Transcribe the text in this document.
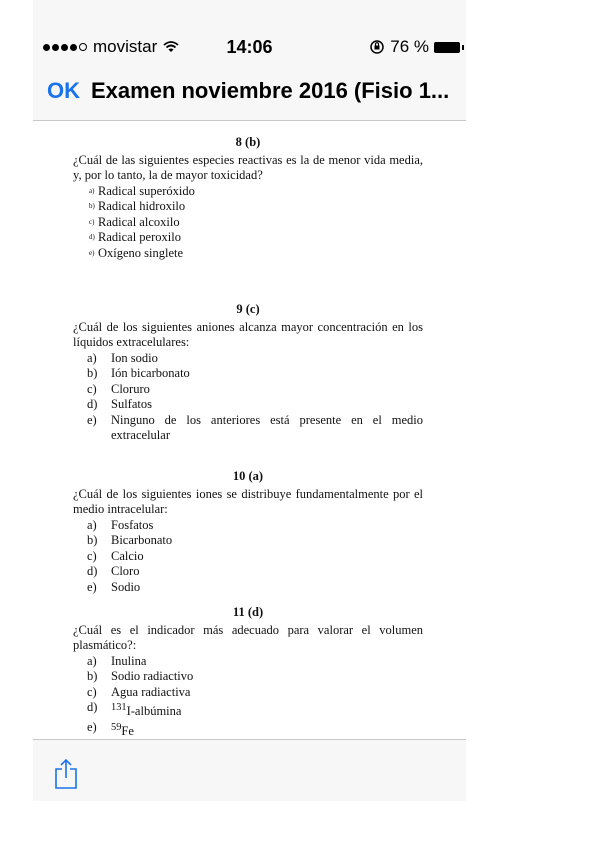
movistar	14:06	76 %
OK Examen noviembre 2016 (Fisio 1...
8 (b)
¿Cuál de las siguientes especies reactivas es la de menor vida media, y, por lo tanto, la de mayor toxicidad?
a) Radical superóxido
b) Radical hidroxilo
c) Radical alcoxilo
d) Radical peroxilo
e) Oxígeno singlete
9 (c)
¿Cuál de los siguientes aniones alcanza mayor concentración en los líquidos extracelulares:
a)	Ion sodio
b)	Ión bicarbonato
c)	Cloruro
d)	Sulfatos
e)	Ninguno de los anteriores está presente en el medio extracelular
10 (a)
¿Cuál de los siguientes iones se distribuye fundamentalmente por el medio intracelular:
a)	Fosfatos
b)	Bicarbonato
c)	Calcio
d)	Cloro
e)	Sodio
11 (d)
¿Cuál es el indicador más adecuado para valorar el volumen plasmático?:
a)	Inulina
b)	Sodio radiactivo
c)	Agua radiactiva
d)	$^{131}$I-albúmina
e)	$^{59}$Fe
